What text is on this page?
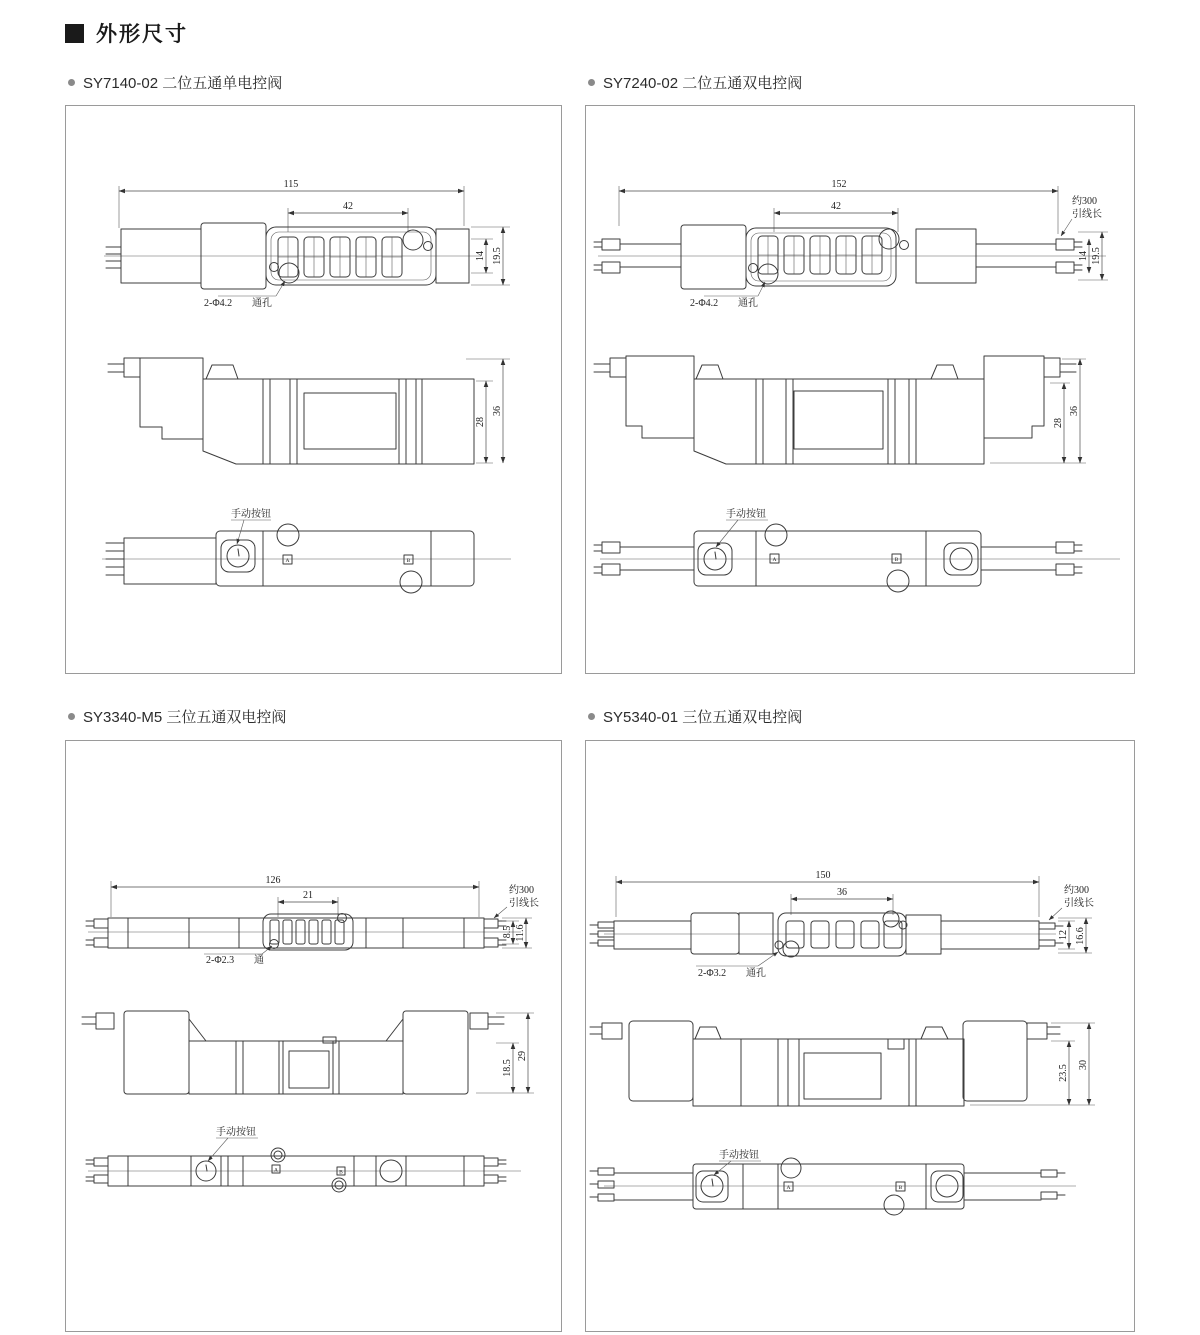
外形尺寸
SY7140-02 二位五通单电控阀	SY7240-02 二位五通双电控阀
SY3340-M5 三位五通双电控阀	SY5340-01 三位五通双电控阀
115
42
14 19.5
2-Φ4.2 通孔
28
36
A	B
手动按钮
152
42
14 19.5
约300
引线长
2-Φ4.2 通孔
28
36
A	B
手动按钮
126
21
8.5 11.6
约300
引线长
2-Φ2.3 通
18.5
29
A	B
手动按钮
150
36
12 16.6
约300
引线长
2-Φ3.2 通孔
23.5 30
A	B
手动按钮
